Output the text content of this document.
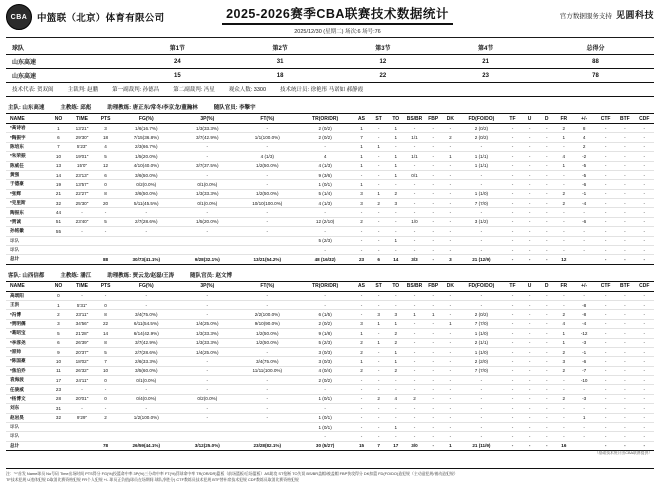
CBA	中篮联（北京）体育有限公司	2025-2026赛季CBA联赛技术数据统计
2025/12/30 (星期二) 场次:6 场号:76
官方数据服务支持 见圆科技
球队	第1节	第2节	第3节	第4节	总得分
山东高速	24	31	12	21	88
山东高速	15	18	22	23	78
技术代表: 贺双闽	主裁判: 赵鹏	第一副裁判: 孙德昌	第二副裁判: 冯星	观众人数: 3300	技术统计员: 徐艳彤 马诺如 郝静霞
主队: 山东高速	主教练: 邱彪	助理教练: 唐正东/常冬/李京龙/董瀚林	随队官员: 李擎宇
NAME	NO	TIME	PTS	FG(%)	3P(%)	FT(%)	TR(OR/DR)	AS	ST	TO	BS/BR	FBP	DK	FD(FO/DO)	TF	U	D	FR	+/-	CTF	BTF	CDF
*高诗岩	1	13'21"	3	1/6(16.7%)	1/3(33.3%)	-	2 (0/2)	1	-	1	-	-	-	2 (0/2)	-	-	-	2	8	-	-	-
*陶振宇	6	29'30"	18	7/15(36.8%)	3/7(42.9%)	1/1(100.0%)	2 (0/2)	7	-	1	1/1	-	2	2 (0/2)	-	-	-	1	4	-	-	-
陈培东	7	5'23"	4	2/3(66.7%)	-	-	-	1	1	-	-	-	-	-	-	-	-	-	2	-	-	-
*朱荣振	10	19'01"	5	1/5(20.0%)	-	4 (1/3)	4	1	-	1	1/1	-	1	1 (1/1)	-	-	-	4	-2	-	-	-
陈威任	13	15'0"	12	4/10(40.0%)	3/7(37.5%)	1/2(50.0%)	4 (1/3)	1	-	1	-	-	-	1 (1/1)	-	-	-	1	-5	-	-	-
黄强	14	23'13"	6	3/6(50.0%)	-	-	9 (3/6)	-	-	1	0/1	-	-	-	-	-	-	-	-5	-	-	-
于德豪	19	13'57"	0	0/2(0.0%)	0/1(0.0%)	-	1 (0/1)	1	-	-	-	-	-	-	-	-	-	-	-6	-	-	-
*张辉	21	22'27"	8	3/6(50.0%)	1/3(33.3%)	1/2(50.0%)	5 (1/4)	3	1	2	-	-	-	1 (1/0)	-	-	-	2	-1	-	-	-
*克里斯	32	25'30"	20	5/11(45.5%)	0/1(0.0%)	10/10(100.0%)	4 (1/3)	3	2	3	-	-	-	7 (7/0)	-	-	-	2	-4	-	-	-
陶振东	44	-	-	-	-	-	-	-	-	-	-	-	-	-	-	-	-	-	-	-	-	-
*贾诚	51	23'40"	5	2/7(28.6%)	1/5(20.0%)	-	12 (2/10)	2	-	-	1/0	-	-	3 (1/2)	-	-	-	-	-6	-	-	-
孙铭徽	55	-	-	-	-	-	-	-	-	-	-	-	-	-	-	-	-	-	-	-	-	-
球队							5 (2/3)	-	-	1	-	-	-	-	-	-	-	-	-	-	-	-
球队							-	-	-	-	-	-	-	-	-	-	-	-	-	-	-	-
总计			88	30/73(41.1%)	9/28(32.1%)	13/21(54.2%)	48 (16/32)	23	6	14	3/3	-	3	21 (12/9)	-	-	-	12		-	-	-
客队: 山西信都	主教练: 潘江	助理教练: 贾云龙/赵磊/王涛	随队官员: 赵文博
NAME	NO	TIME	PTS	FG(%)	3P(%)	FT(%)	TR(OR/DR)	AS	ST	TO	BS/BR	FBP	DK	FD(FO/DO)	TF	U	D	FR	+/-	CTF	BTF	CDF
高颂阳	0	-	-	-	-	-	-	-	-	-	-	-	-	-	-	-	-	-	-	-	-	-
王洪	1	5'31"	0	-	-	-	-	-	-	-	-	-	-	-	-	-	-	-	-8	-	-	-
*冯博	2	23'11"	8	3/4(75.0%)	-	2/2(100.0%)	6 (1/5)	-	3	3	1	1	-	2 (0/2)	-	-	-	2	-8	-	-	-
*贾明儒	3	34'56"	22	6/11(54.5%)	1/4(25.0%)	9/10(90.0%)	2 (0/2)	3	1	1	-	-	1	7 (7/0)	-	-	-	4	-4	-	-	-
*葛昭宝	5	21'28"	14	6/14(42.9%)	1/3(33.3%)	1/2(50.0%)	9 (1/8)	1	-	2	-	-	-	1 (1/0)	-	-	-	1	-12	-	-	-
*李淳尧	6	26'39"	8	3/7(42.9%)	1/3(33.3%)	1/2(50.0%)	5 (2/3)	2	1	2	-	-	-	2 (1/1)	-	-	-	1	-3	-	-	-
*原帅	9	20'37"	5	2/7(28.6%)	1/4(25.0%)	-	3 (0/3)	2	-	1	-	-	-	1 (1/0)	-	-	-	2	-1	-	-	-
*陈国豪	10	18'02"	7	2/6(33.3%)	-	3/4(75.0%)	3 (0/3)	1	-	1	-	-	-	2 (2/0)	-	-	-	3	-6	-	-	-
*焦泊乔	11	26'32"	10	3/5(60.0%)	-	11/11(100.0%)	4 (0/4)	2	-	2	-	-	-	7 (7/0)	-	-	-	2	-7	-	-	-
袁海波	17	24'11"	0	0/1(0.0%)	-	-	2 (0/2)	-	-	-	-	-	-	-	-	-	-	-	-10	-	-	-
任骏威	23	-	-	-	-	-	-	-	-	-	-	-	-	-	-	-	-	-	-	-	-	-
*杨博文	28	20'01"	0	0/4(0.0%)	0/2(0.0%)	-	1 (0/1)	-	2	4	2	-	-	-	-	-	-	2	-3	-	-	-
刘东	31	-	-	-	-	-	-	-	-	-	-	-	-	-	-	-	-	-	-	-	-	-
赵岩昊	32	9'29"	2	1/2(100.0%)	-	-	1 (0/1)	-	-	-	-	-	-	-	-	-	-	-	1	-	-	-
球队							1 (0/1)	-	-	1	-	-	-	-	-	-	-	-	-	-	-	-
球队							-	-	-	-	-	-	-	-	-	-	-	-	-	-	-	-
总计			78	26/59(44.1%)	3/12(25.0%)	23/28(82.1%)	30 (5/27)	15	7	17	3/0	-	1	21 (11/9)	-	-	-	16		-	-	-
（基础技术统计由CBA联赛提供）
注："*"首发 Name球员 No号码 Time出场时间 PTS得分 FG(%)投篮命中率 3P(%)三分命中率 FT(%)罚球命中率 TR(OR/DR)篮板（前场篮板/后场篮板）AS助攻 ST抢断 TO失误 BS/BR盖帽/被盖帽 FBP快攻得分 DK扣篮 FD(FO/DO)造犯规（主动造犯规/被动造犯规）
TF技术犯规 U违体犯规 D取消比赛资格犯规 FR个人犯规 +/- 球员正负值(球员在场期间 球队净胜分) CTF教练员技术犯规 BTF替补席技术犯规 CDF教练员取消比赛资格犯规
